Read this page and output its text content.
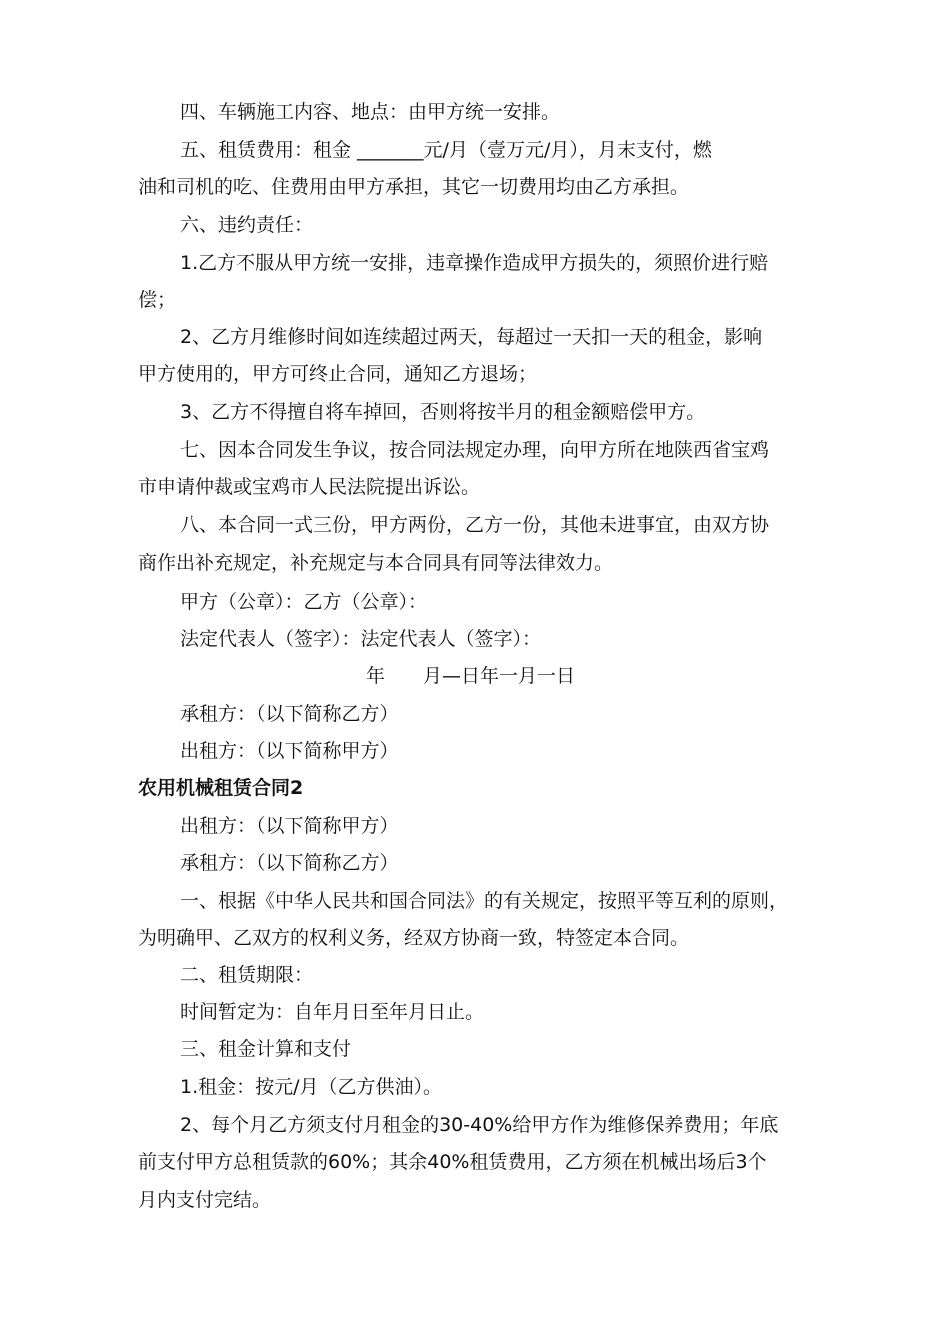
四、车辆施工内容、地点：由甲方统一安排。
五、租赁费用：租金 _______元/月（壹万元/月），月末支付，燃
油和司机的吃、住费用由甲方承担，其它一切费用均由乙方承担。
六、违约责任：
1.乙方不服从甲方统一安排，违章操作造成甲方损失的，须照价进行赔
偿；
2、乙方月维修时间如连续超过两天，每超过一天扣一天的租金，影响
甲方使用的，甲方可终止合同，通知乙方退场；
3、乙方不得擅自将车掉回，否则将按半月的租金额赔偿甲方。
七、因本合同发生争议，按合同法规定办理，向甲方所在地陕西省宝鸡
市申请仲裁或宝鸡市人民法院提出诉讼。
八、本合同一式三份，甲方两份，乙方一份，其他未进事宜，由双方协
商作出补充规定，补充规定与本合同具有同等法律效力。
甲方（公章）：乙方（公章）：
法定代表人（签字）：法定代表人（签字）：
年　　月—日年一月一日
承租方：（以下简称乙方）
出租方：（以下简称甲方）
农用机械租赁合同2
出租方：（以下简称甲方）
承租方：（以下简称乙方）
一、根据《中华人民共和国合同法》的有关规定，按照平等互利的原则，
为明确甲、乙双方的权利义务，经双方协商一致，特签定本合同。
二、租赁期限：
时间暂定为：自年月日至年月日止。
三、租金计算和支付
1.租金：按元/月（乙方供油）。
2、每个月乙方须支付月租金的30-40%给甲方作为维修保养费用；年底
前支付甲方总租赁款的60%；其余40%租赁费用，乙方须在机械出场后3个
月内支付完结。
